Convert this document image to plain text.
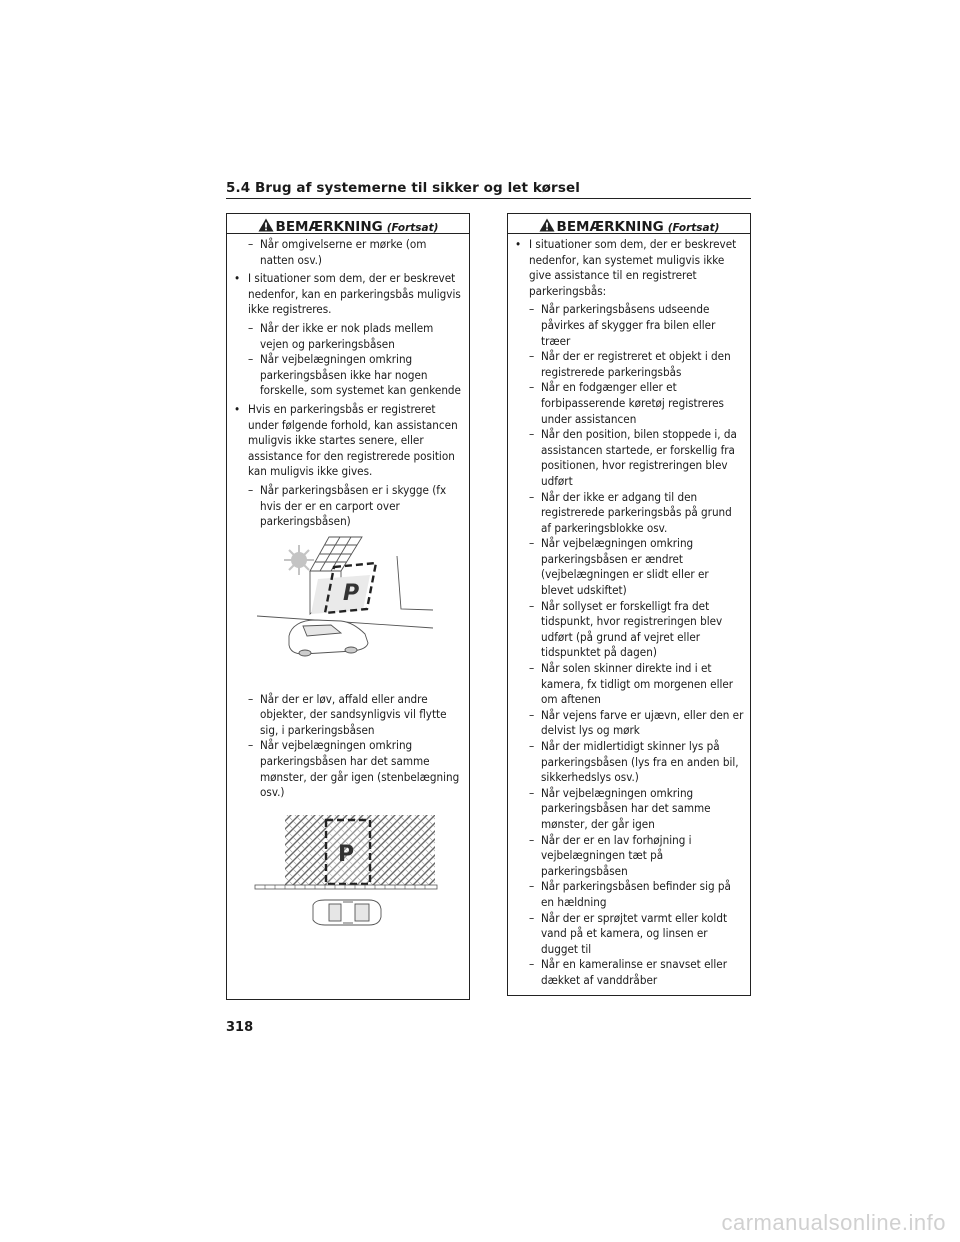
5.4 Brug af systemerne til sikker og let kørsel
BEMÆRKNING (Fortsat)

– Når omgivelserne er mørke (om natten osv.)

• I situationer som dem, der er beskrevet nedenfor, kan en parkeringsbås muligvis ikke registreres.

– Når der ikke er nok plads mellem vejen og parkeringsbåsen

– Når vejbelægningen omkring parkeringsbåsen ikke har nogen forskelle, som systemet kan genkende

• Hvis en parkeringsbås er registreret under følgende forhold, kan assistancen muligvis ikke startes senere, eller assistance for den registrerede position kan muligvis ikke gives.

– Når parkeringsbåsen er i skygge (fx hvis der er en carport over parkeringsbåsen)

P

– Når der er løv, affald eller andre objekter, der sandsynligvis vil flytte sig, i parkeringsbåsen

– Når vejbelægningen omkring parkeringsbåsen har det samme mønster, der går igen (stenbelægning osv.)

P
BEMÆRKNING (Fortsat)
• I situationer som dem, der er beskrevet nedenfor, kan systemet muligvis ikke give assistance til en registreret parkeringsbås:

– Når parkeringsbåsens udseende påvirkes af skygger fra bilen eller træer

– Når der er registreret et objekt i den registrerede parkeringsbås

– Når en fodgænger eller et forbipasserende køretøj registreres under assistancen

– Når den position, bilen stoppede i, da assistancen startede, er forskellig fra positionen, hvor registreringen blev udført

– Når der ikke er adgang til den registrerede parkeringsbås på grund af parkeringsblokke osv.

– Når vejbelægningen omkring parkeringsbåsen er ændret (vejbelægningen er slidt eller er blevet udskiftet)

– Når sollyset er forskelligt fra det tidspunkt, hvor registreringen blev udført (på grund af vejret eller tidspunktet på dagen)

– Når solen skinner direkte ind i et kamera, fx tidligt om morgenen eller om aftenen

– Når vejens farve er ujævn, eller den er delvist lys og mørk

– Når der midlertidigt skinner lys på parkeringsbåsen (lys fra en anden bil, sikkerhedslys osv.)

– Når vejbelægningen omkring parkeringsbåsen har det samme mønster, der går igen

– Når der er en lav forhøjning i vejbelægningen tæt på parkeringsbåsen

– Når parkeringsbåsen befinder sig på en hældning

– Når der er sprøjtet varmt eller koldt vand på et kamera, og linsen er dugget til

– Når en kameralinse er snavset eller dækket af vanddråber

318
carmanualsonline.info
